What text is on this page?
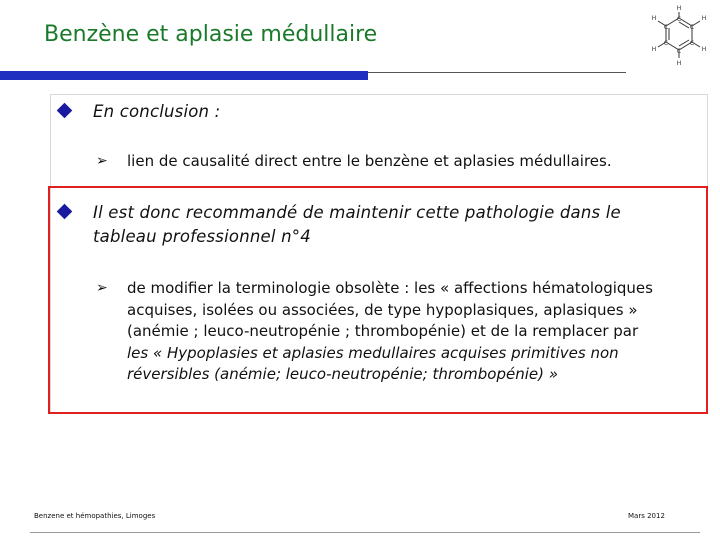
Benzène et aplasie médullaire
H
C	H
C
H
C
H
C
H
C
H
C
En conclusion :
➢ lien de causalité direct entre le benzène et aplasies médullaires.
Il est donc recommandé de maintenir cette pathologie dans le
tableau professionnel n°4
➢ de modifier la terminologie obsolète : les « affections hématologiques
acquises, isolées ou associées, de type hypoplasiques, aplasiques »
(anémie ; leuco-neutropénie ; thrombopénie) et de la remplacer par
les « Hypoplasies et aplasies medullaires acquises primitives non
réversibles (anémie; leuco-neutropénie; thrombopénie) »
Benzene et hémopathies, Limoges	Mars 2012
